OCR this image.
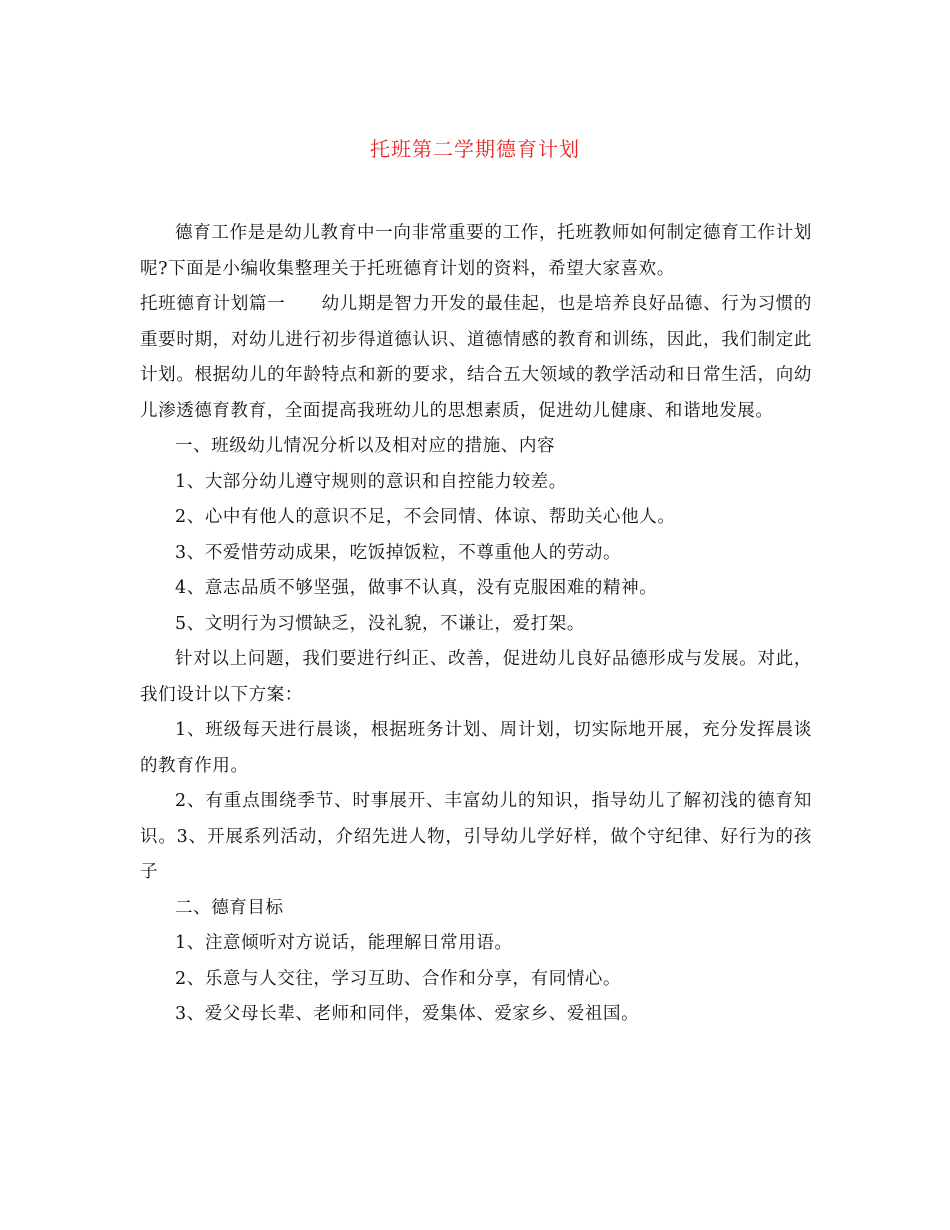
托班第二学期德育计划

德育工作是是幼儿教育中一向非常重要的工作，托班教师如何制定德育工作计划呢?下面是小编收集整理关于托班德育计划的资料，希望大家喜欢。

托班德育计划篇一　　幼儿期是智力开发的最佳起，也是培养良好品德、行为习惯的重要时期，对幼儿进行初步得道德认识、道德情感的教育和训练，因此，我们制定此计划。根据幼儿的年龄特点和新的要求，结合五大领域的教学活动和日常生活，向幼儿渗透德育教育，全面提高我班幼儿的思想素质，促进幼儿健康、和谐地发展。

一、班级幼儿情况分析以及相对应的措施、内容

1、大部分幼儿遵守规则的意识和自控能力较差。

2、心中有他人的意识不足，不会同情、体谅、帮助关心他人。

3、不爱惜劳动成果，吃饭掉饭粒，不尊重他人的劳动。

4、意志品质不够坚强，做事不认真，没有克服困难的精神。

5、文明行为习惯缺乏，没礼貌，不谦让，爱打架。

针对以上问题，我们要进行纠正、改善，促进幼儿良好品德形成与发展。对此，我们设计以下方案：

1、班级每天进行晨谈，根据班务计划、周计划，切实际地开展，充分发挥晨谈的教育作用。

2、有重点围绕季节、时事展开、丰富幼儿的知识，指导幼儿了解初浅的德育知识。3、开展系列活动，介绍先进人物，引导幼儿学好样，做个守纪律、好行为的孩子

二、德育目标

1、注意倾听对方说话，能理解日常用语。

2、乐意与人交往，学习互助、合作和分享，有同情心。

3、爱父母长辈、老师和同伴，爱集体、爱家乡、爱祖国。
